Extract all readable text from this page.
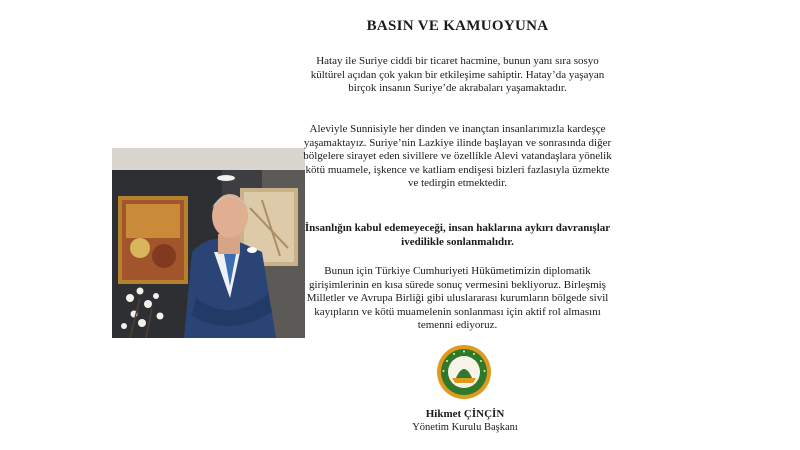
BASIN VE KAMUOYUNA

Hatay ile Suriye ciddi bir ticaret hacmine, bunun yanı sıra sosyo kültürel açıdan çok yakın bir etkileşime sahiptir. Hatay’da yaşayan birçok insanın Suriye’de akrabaları yaşamaktadır.

Aleviyle Sunnisiyle her dinden ve inançtan insanlarımızla kardeşçe yaşamaktayız. Suriye’nin Lazkiye ilinde başlayan ve sonrasında diğer bölgelere sirayet eden sivillere ve özellikle Alevi vatandaşlara yönelik kötü muamele, işkence ve katliam endişesi bizleri fazlasıyla üzmekte ve tedirgin etmektedir.

İnsanlığın kabul edemeyeceği, insan haklarına aykırı davranışlar ivedilikle sonlanmalıdır.

Bunun için Türkiye Cumhuriyeti Hükümetimizin diplomatik girişimlerinin en kısa sürede sonuç vermesini bekliyoruz. Birleşmiş Milletler ve Avrupa Birliği gibi uluslararası kurumların bölgede sivil kayıpların ve kötü muamelenin sonlanması için aktif rol almasını temenni ediyoruz.

Hikmet ÇİNÇİN
Yönetim Kurulu Başkanı
